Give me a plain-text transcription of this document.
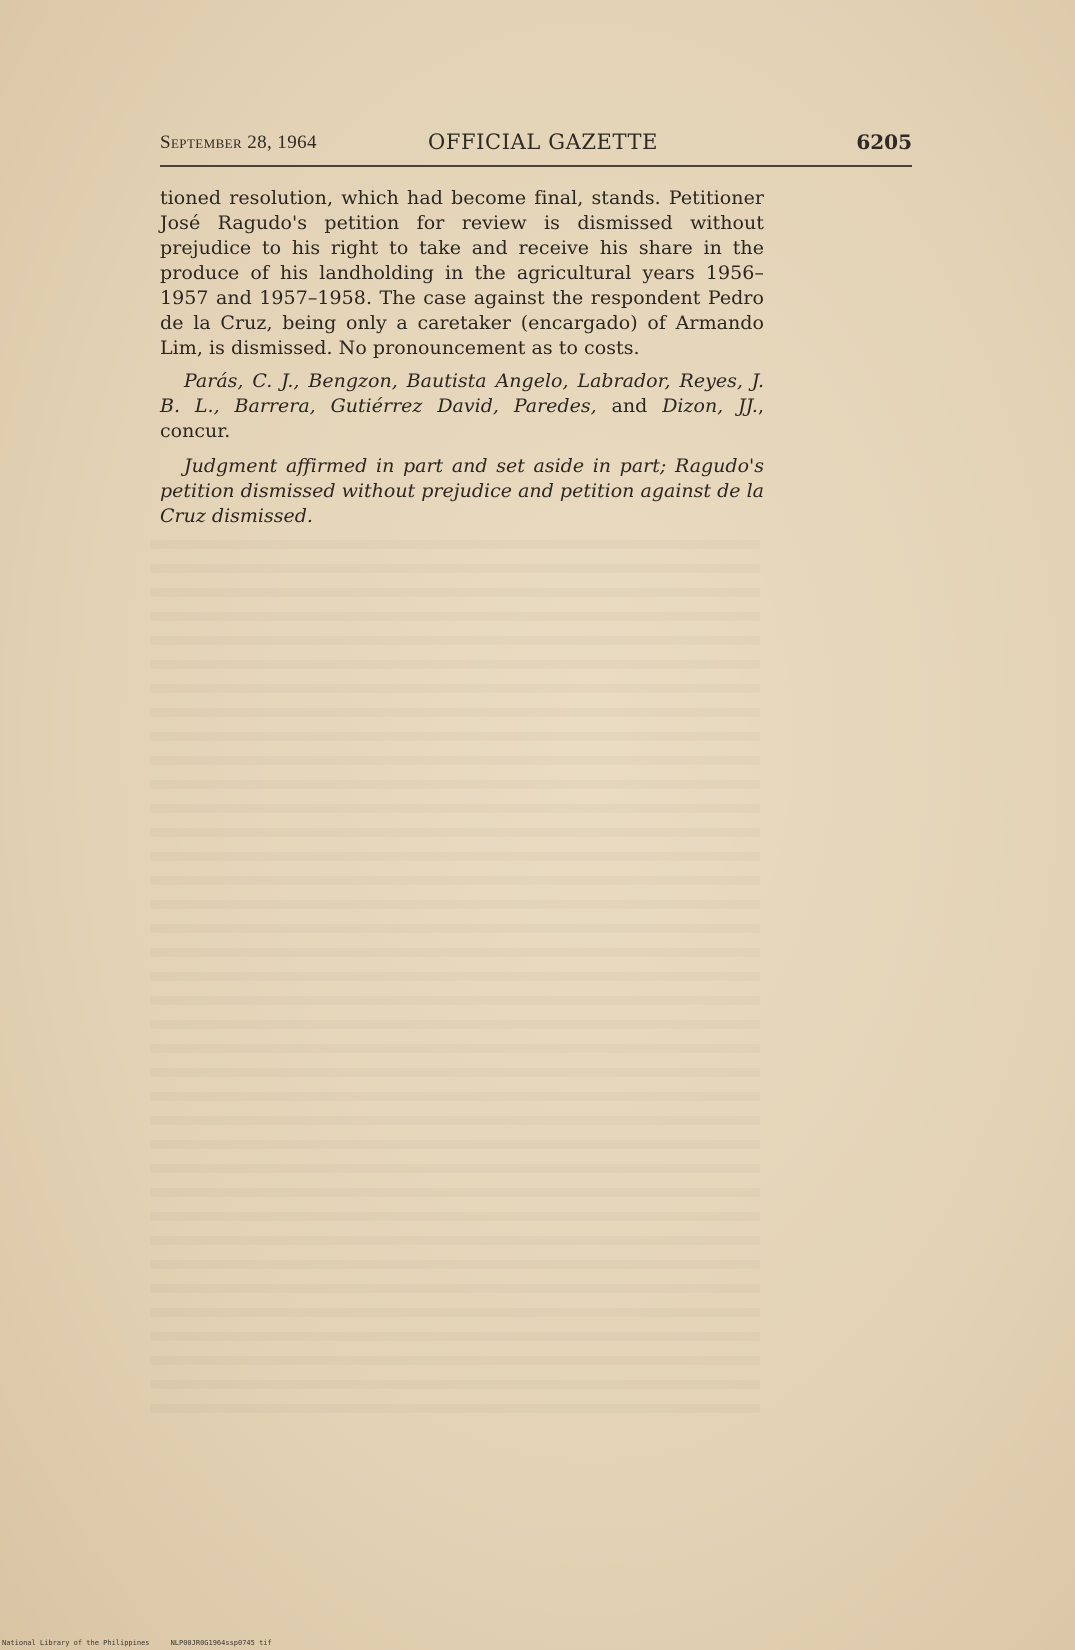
September 28, 1964	OFFICIAL GAZETTE	6205

tioned resolution, which had become final, stands. Petitioner José Ragudo's petition for review is dismissed without prejudice to his right to take and receive his share in the produce of his landholding in the agricultural years 1956–1957 and 1957–1958. The case against the respondent Pedro de la Cruz, being only a caretaker (encargado) of Armando Lim, is dismissed. No pronouncement as to costs.

Parás, C. J., Bengzon, Bautista Angelo, Labrador, Reyes, J. B. L., Barrera, Gutiérrez David, Paredes, and Dizon, JJ., concur.

Judgment affirmed in part and set aside in part; Ragudo's petition dismissed without prejudice and petition against de la Cruz dismissed.

National Library of the Philippines     NLP00JR0G1964ssp0745 tif
